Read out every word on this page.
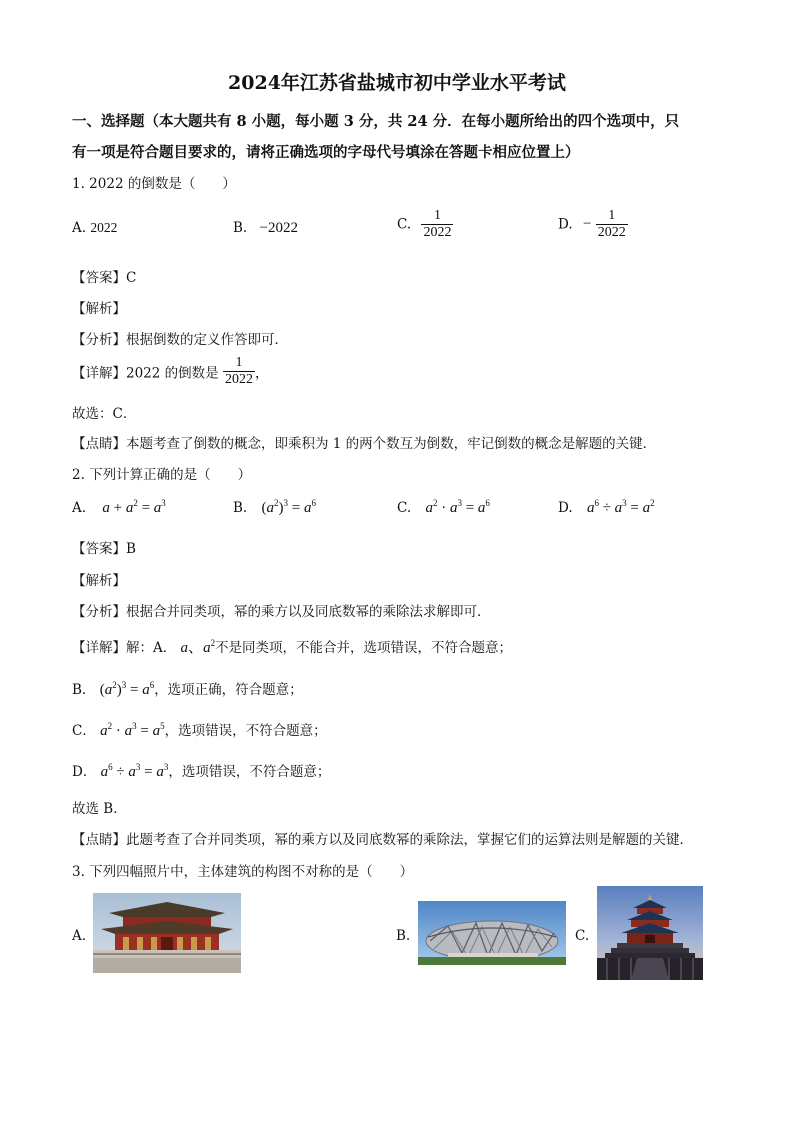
2024年江苏省盐城市初中学业水平考试
一、选择题（本大题共有 8 小题，每小题 3 分，共 24 分．在每小题所给出的四个选项中，只
有一项是符合题目要求的，请将正确选项的字母代号填涂在答题卡相应位置上）
1. 2022 的倒数是（　　）
A. 2022	B. −2022	C. $\frac{1}{2022}$	D. − $\frac{1}{2022}$
【答案】C
【解析】
【分析】根据倒数的定义作答即可．
【详解】2022 的倒数是 $\frac{1}{2022}$ ，
故选：C．
【点睛】本题考查了倒数的概念，即乘积为 1 的两个数互为倒数，牢记倒数的概念是解题的关键．
2. 下列计算正确的是（　　）
A. $a + a^2 = a^3$	B. $(a^2)^3 = a^6$	C. $a^2 \cdot a^3 = a^6$	D. $a^6 \div a^3 = a^2$
【答案】B
【解析】
【分析】根据合并同类项，幂的乘方以及同底数幂的乘除法求解即可．
【详解】解：A． a、$a^2$不是同类项，不能合并，选项错误，不符合题意；
B． $(a^2)^3 = a^6$，选项正确，符合题意；
C． $a^2 \cdot a^3 = a^5$，选项错误，不符合题意；
D． $a^6 \div a^3 = a^3$，选项错误，不符合题意；
故选 B．
【点睛】此题考查了合并同类项，幂的乘方以及同底数幂的乘除法，掌握它们的运算法则是解题的关键．
3. 下列四幅照片中，主体建筑的构图不对称的是（　　）
A.	B.	C.
